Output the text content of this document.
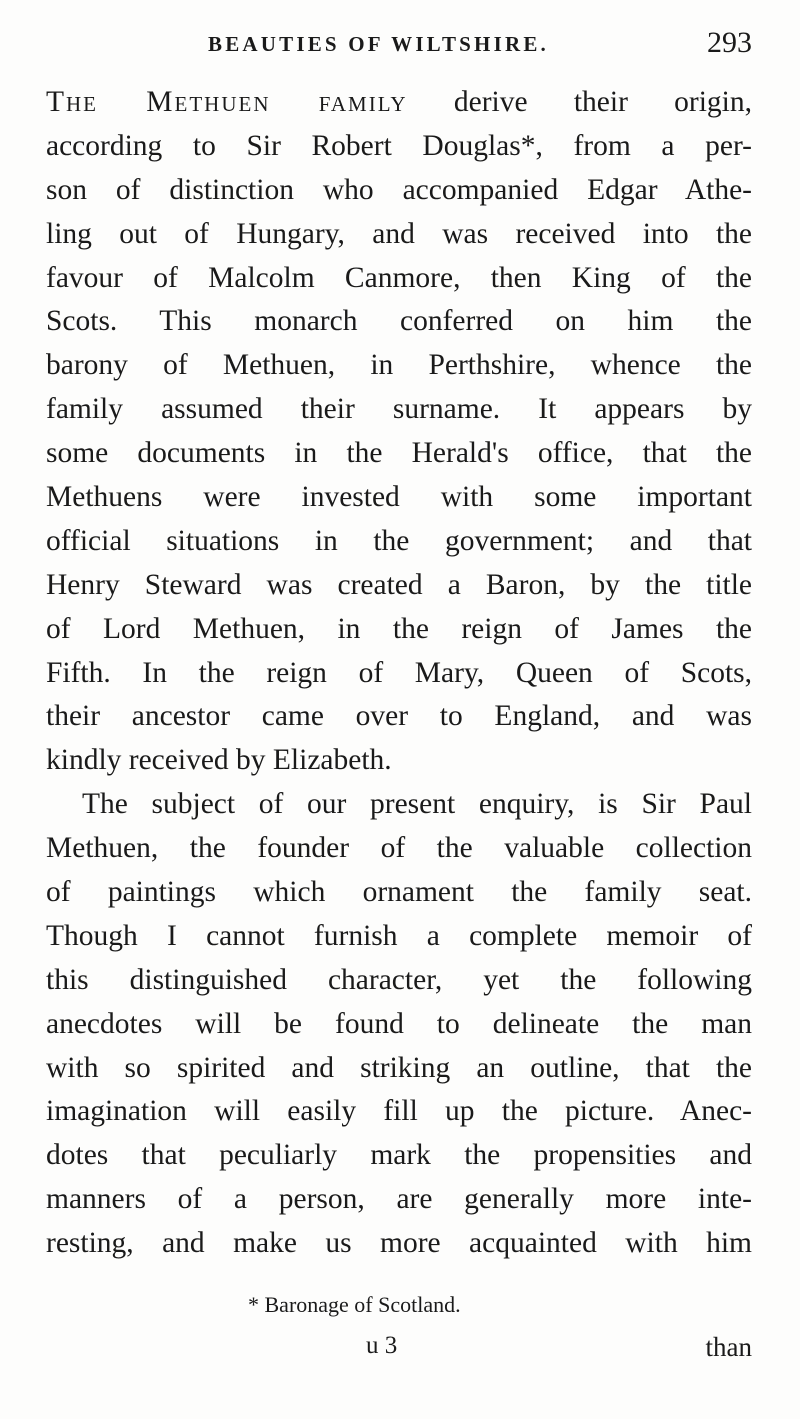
BEAUTIES OF WILTSHIRE.	293
The Methuen family derive their origin,
according to Sir Robert Douglas*, from a per-
son of distinction who accompanied Edgar Athe-
ling out of Hungary, and was received into the
favour of Malcolm Canmore, then King of the
Scots. This monarch conferred on him the
barony of Methuen, in Perthshire, whence the
family assumed their surname. It appears by
some documents in the Herald's office, that the
Methuens were invested with some important
official situations in the government; and that
Henry Steward was created a Baron, by the title
of Lord Methuen, in the reign of James the
Fifth. In the reign of Mary, Queen of Scots,
their ancestor came over to England, and was
kindly received by Elizabeth.
The subject of our present enquiry, is Sir Paul
Methuen, the founder of the valuable collection
of paintings which ornament the family seat.
Though I cannot furnish a complete memoir of
this distinguished character, yet the following
anecdotes will be found to delineate the man
with so spirited and striking an outline, that the
imagination will easily fill up the picture. Anec-
dotes that peculiarly mark the propensities and
manners of a person, are generally more inte-
resting, and make us more acquainted with him
* Baronage of Scotland.
u 3	than
